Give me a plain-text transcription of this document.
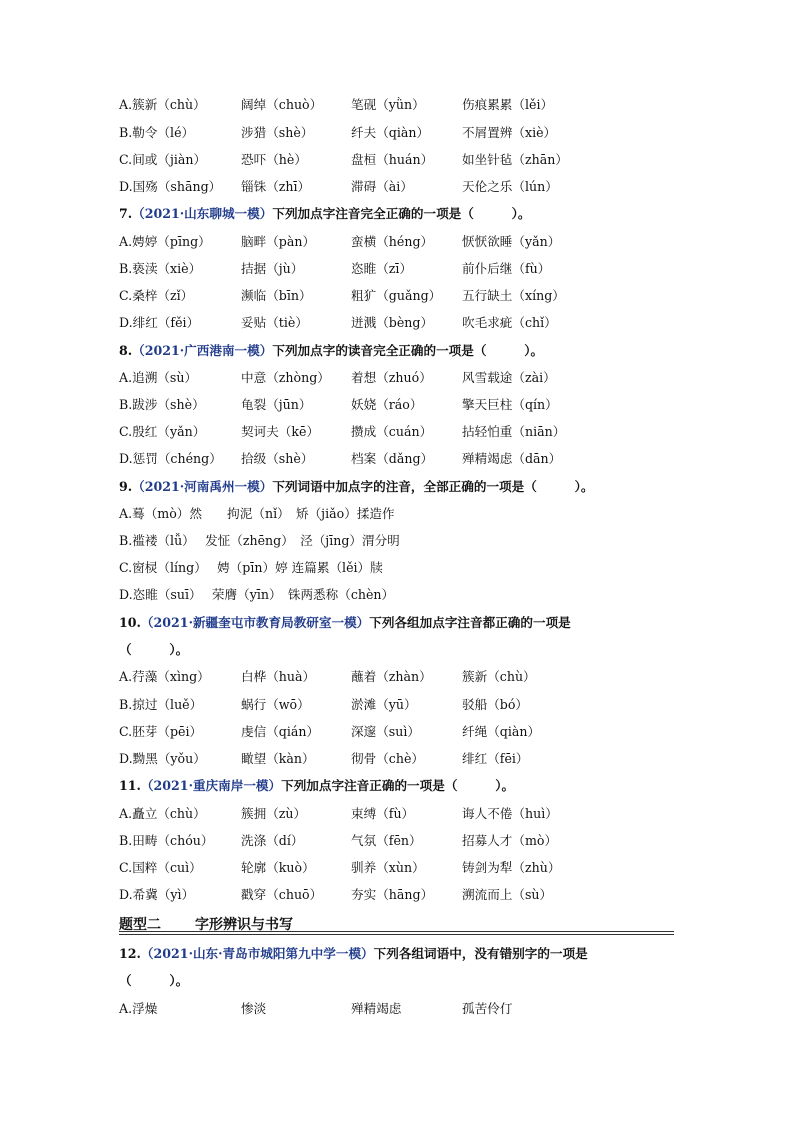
A.簇新（chù）	阔绰（chuò） 笔砚（yǜn）	伤痕累累（lěi）
B.勒令（lé）	涉猎（shè）	纤夫（qiàn）	不屑置辨（xiè）
C.间或（jiàn）	恐吓（hè）	盘桓（huán） 如坐针毡（zhān）
D.国殇（shāng） 锱铢（zhī）	滞碍（ài）	天伦之乐（lún）
7.（2021·山东聊城一模）下列加点字注音完全正确的一项是（　　　）。
A.娉婷（pīng） 脑畔（pàn）	蛮横（héng） 恹恹欲睡（yǎn）
B.亵渎（xiè）	拮据（jù）	恣睢（zī）	前仆后继（fù）
C.桑梓（zǐ）	濒临（bīn）	粗犷（guǎng） 五行缺土（xíng）
D.绯红（fěi）	妥贴（tiè）	迸溅（bèng） 吹毛求疵（chǐ）
8.（2021·广西港南一模）下列加点字的读音完全正确的一项是（　　　）。
A.追溯（sù）	中意（zhòng） 着想（zhuó） 风雪载途（zài）
B.跋涉（shè）	龟裂（jūn）	妖娆（ráo）	擎天巨柱（qín）
C.殷红（yǎn）	契诃夫（kē）	攒成（cuán） 拈轻怕重（niān）
D.惩罚（chéng） 拾级（shè）	档案（dǎng） 殚精竭虑（dān）
9.（2021·河南禹州一模）下列词语中加点字的注音，全部正确的一项是（　　　）。
A.蓦（mò）然　　拘泥（nǐ）　矫（jiǎo）揉造作
B.褴褛（lǚ）　 发怔（zhēng）　泾（jīng）渭分明
C.窗棂（líng）　 娉（pīn）婷 连篇累（lěi）牍
D.恣睢（suī）　 荣膺（yīn）　铢两悉称（chèn）
10.（2021·新疆奎屯市教育局教研室一模）下列各组加点字注音都正确的一项是
（　　　）。
A.荇藻（xìng） 白桦（huà）	蘸着（zhàn） 簇新（chù）
B.掠过（luě）	蜗行（wō）	淤滩（yū）	驳船（bó）
C.胚芽（pēi）	虔信（qián）	深邃（suì）	纤绳（qiàn）
D.黝黑（yǒu）	瞰望（kàn）	彻骨（chè）	绯红（fēi）
11.（2021·重庆南岸一模）下列加点字注音正确的一项是（　　　）。
A.矗立（chù）	簇拥（zù）	束缚（fù）	诲人不倦（huì）
B.田畴（chóu） 洗涤（dí）	气氛（fēn）	招募人才（mò）
C.国粹（cuì）	轮廓（kuò）	驯养（xùn）	铸剑为犁（zhù）
D.希冀（yì）	戳穿（chuō） 夯实（hāng） 溯流而上（sù）
12.（2021·山东·青岛市城阳第九中学一模）下列各组词语中，没有错别字的一项是
（　　　）。
A.浮燥	惨淡	殚精竭虑	孤苦伶仃
题型二 字形辨识与书写
